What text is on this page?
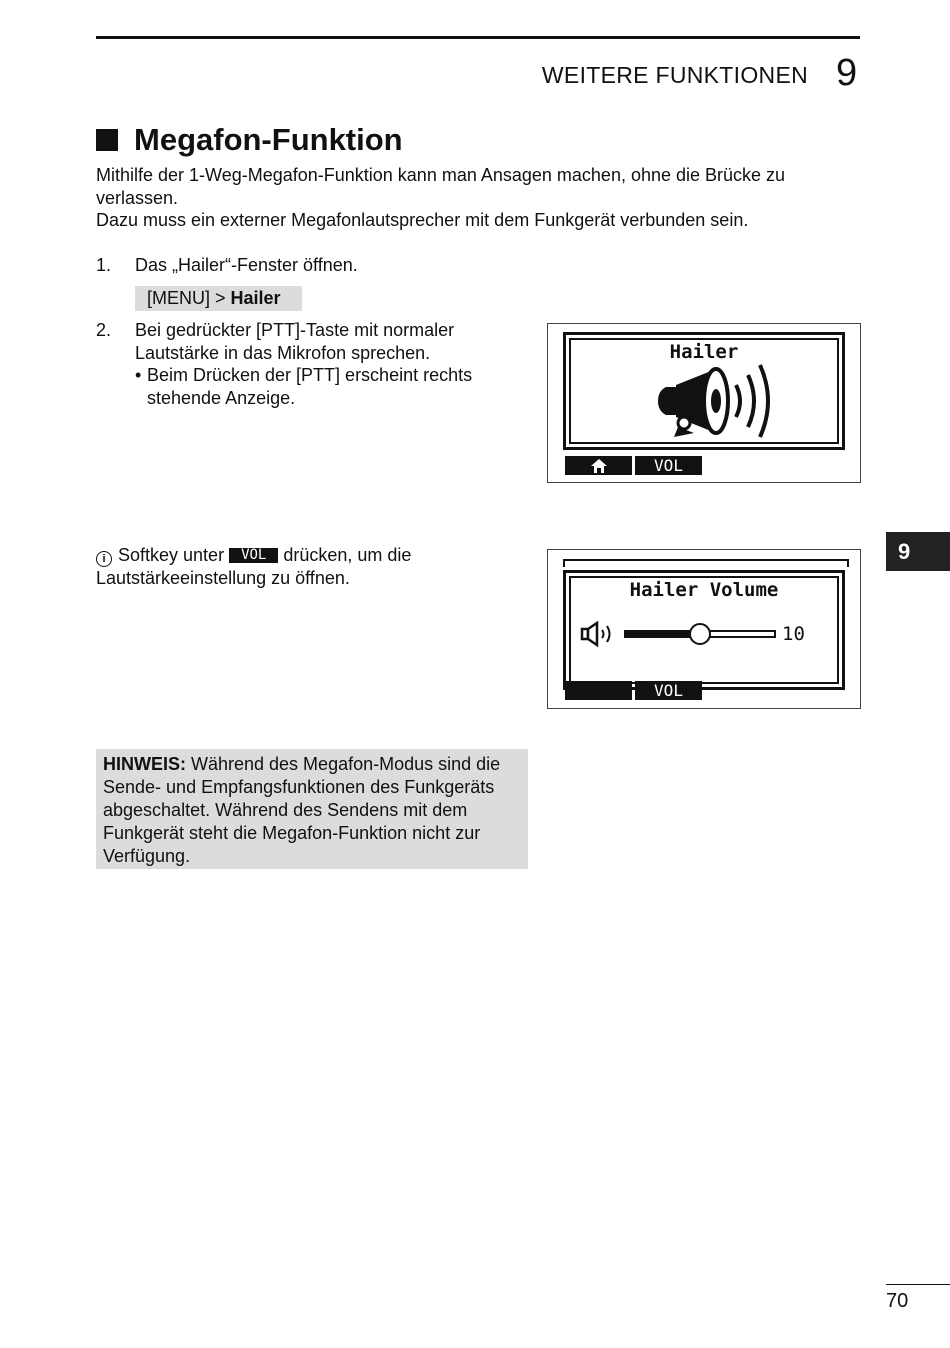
WEITERE FUNKTIONEN 9
Megafon-Funktion

Mithilfe der 1-Weg-Megafon-Funktion kann man Ansagen machen, ohne die Brücke zu verlassen.

Dazu muss ein externer Megafonlautsprecher mit dem Funkgerät verbunden sein.

1. Das „Hailer“-Fenster öffnen.
[MENU] > Hailer
2. Bei gedrückter [PTT]-Taste mit normaler Lautstärke in das Mikrofon sprechen.
• Beim Drücken der [PTT] erscheint rechts stehende Anzeige.
Hailer
VOL
i Softkey unter VOL drücken, um die Lautstärkeeinstellung zu öffnen.
Hailer Volume
10
VOL
HINWEIS: Während des Megafon-Modus sind die Sende- und Empfangsfunktionen des Funkgeräts abgeschaltet. Während des Sendens mit dem Funkgerät steht die Megafon-Funktion nicht zur Verfügung.
9
70
